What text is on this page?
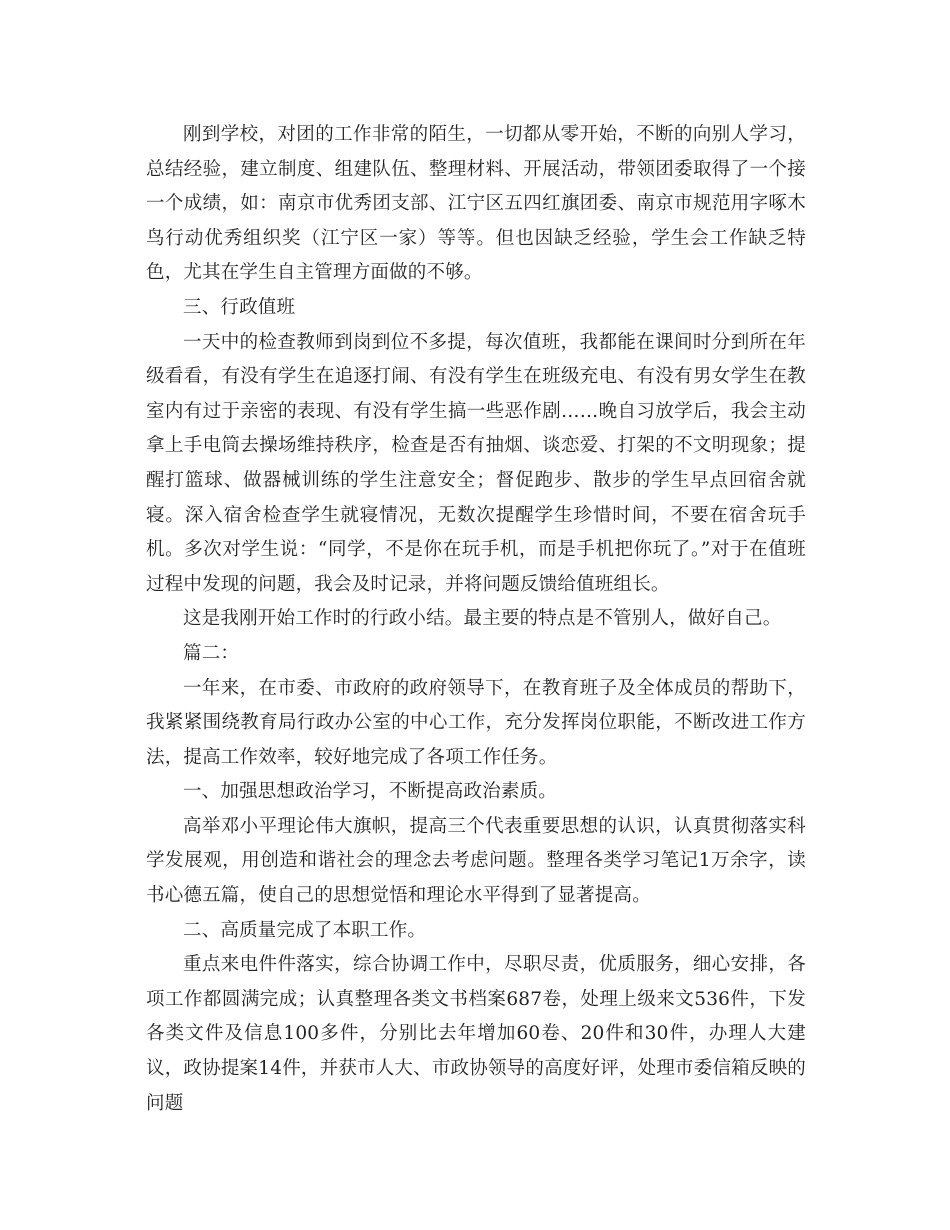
刚到学校，对团的工作非常的陌生，一切都从零开始，不断的向别人学习，总结经验，建立制度、组建队伍、整理材料、开展活动，带领团委取得了一个接一个成绩，如：南京市优秀团支部、江宁区五四红旗团委、南京市规范用字啄木鸟行动优秀组织奖（江宁区一家）等等。但也因缺乏经验，学生会工作缺乏特色，尤其在学生自主管理方面做的不够。

三、行政值班

一天中的检查教师到岗到位不多提，每次值班，我都能在课间时分到所在年级看看，有没有学生在追逐打闹、有没有学生在班级充电、有没有男女学生在教室内有过于亲密的表现、有没有学生搞一些恶作剧……晚自习放学后，我会主动拿上手电筒去操场维持秩序，检查是否有抽烟、谈恋爱、打架的不文明现象；提醒打篮球、做器械训练的学生注意安全；督促跑步、散步的学生早点回宿舍就寝。深入宿舍检查学生就寝情况，无数次提醒学生珍惜时间，不要在宿舍玩手机。多次对学生说：“同学，不是你在玩手机，而是手机把你玩了。”对于在值班过程中发现的问题，我会及时记录，并将问题反馈给值班组长。

这是我刚开始工作时的行政小结。最主要的特点是不管别人，做好自己。

篇二：

一年来，在市委、市政府的政府领导下，在教育班子及全体成员的帮助下，我紧紧围绕教育局行政办公室的中心工作，充分发挥岗位职能，不断改进工作方法，提高工作效率，较好地完成了各项工作任务。

一、加强思想政治学习，不断提高政治素质。

高举邓小平理论伟大旗帜，提高三个代表重要思想的认识，认真贯彻落实科学发展观，用创造和谐社会的理念去考虑问题。整理各类学习笔记1万余字，读书心德五篇，使自己的思想觉悟和理论水平得到了显著提高。

二、高质量完成了本职工作。

重点来电件件落实，综合协调工作中，尽职尽责，优质服务，细心安排，各项工作都圆满完成；认真整理各类文书档案687卷，处理上级来文536件，下发各类文件及信息100多件，分别比去年增加60卷、20件和30件，办理人大建议，政协提案14件，并获市人大、市政协领导的高度好评，处理市委信箱反映的问题
